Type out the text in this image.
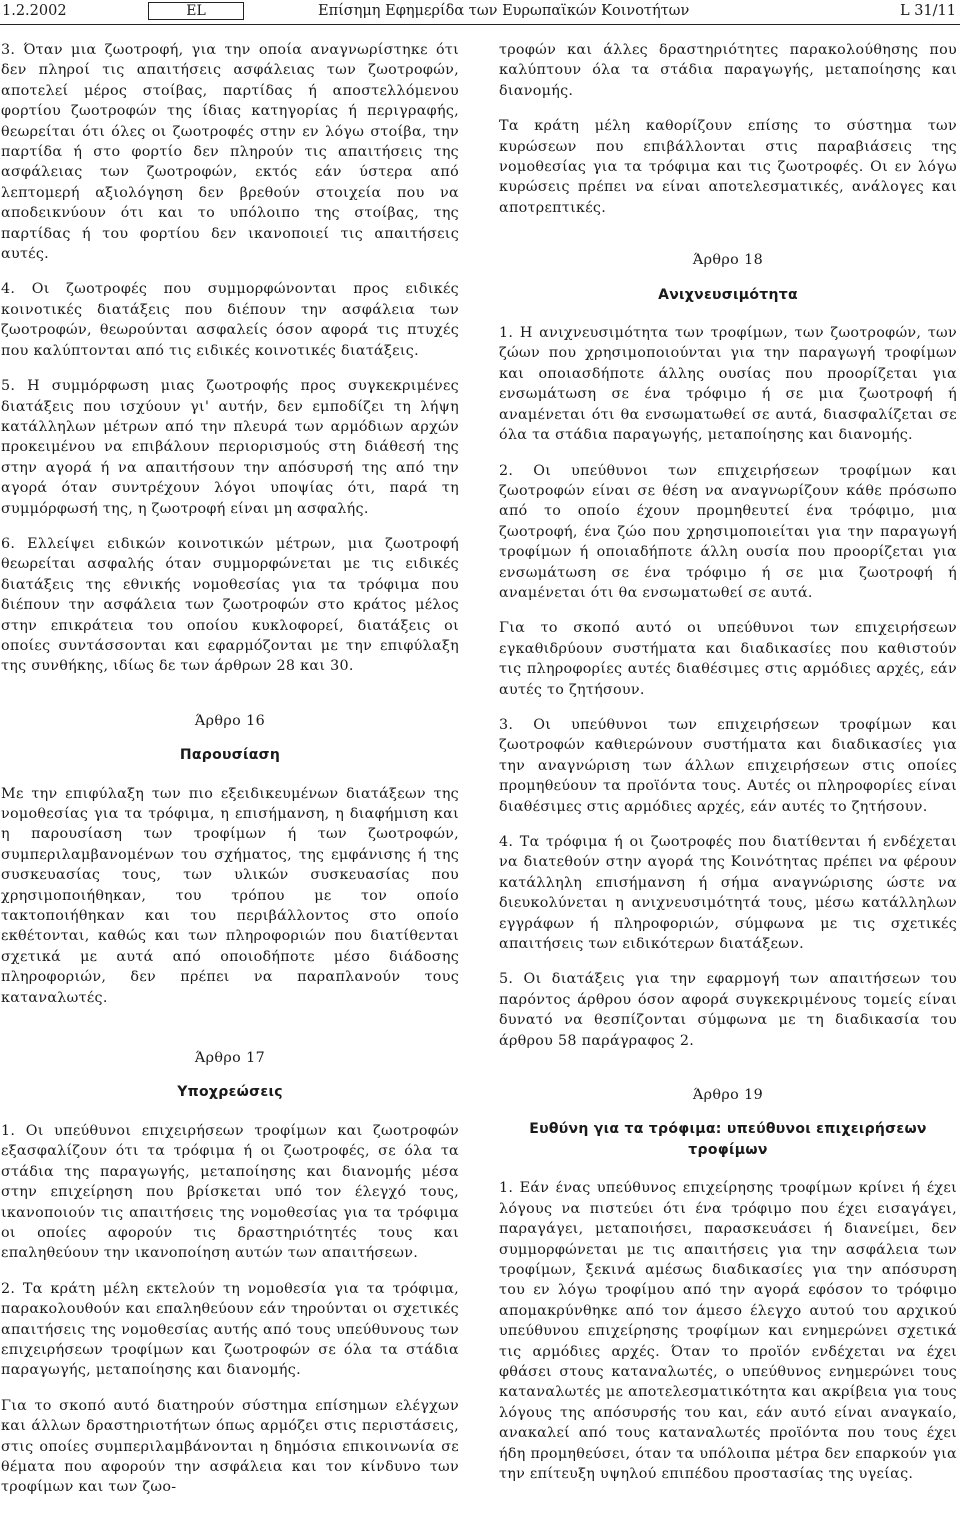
1.2.2002	EL	Επίσημη Εφημερίδα των Ευρωπαϊκών Κοινοτήτων	L 31/11

3. Όταν μια ζωοτροφή, για την οποία αναγνωρίστηκε ότι δεν πληροί τις απαιτήσεις ασφάλειας των ζωοτροφών, αποτελεί μέρος στοίβας, παρτίδας ή αποστελλόμενου φορτίου ζωοτροφών της ίδιας κατηγορίας ή περιγραφής, θεωρείται ότι όλες οι ζωοτροφές στην εν λόγω στοίβα, την παρτίδα ή στο φορτίο δεν πληρούν τις απαιτήσεις της ασφάλειας των ζωοτροφών, εκτός εάν ύστερα από λεπτομερή αξιολόγηση δεν βρεθούν στοιχεία που να αποδεικνύουν ότι και το υπόλοιπο της στοίβας, της παρτίδας ή του φορτίου δεν ικανοποιεί τις απαιτήσεις αυτές.

4. Οι ζωοτροφές που συμμορφώνονται προς ειδικές κοινοτικές διατάξεις που διέπουν την ασφάλεια των ζωοτροφών, θεωρούνται ασφαλείς όσον αφορά τις πτυχές που καλύπτονται από τις ειδικές κοινοτικές διατάξεις.

5. Η συμμόρφωση μιας ζωοτροφής προς συγκεκριμένες διατάξεις που ισχύουν γι' αυτήν, δεν εμποδίζει τη λήψη κατάλληλων μέτρων από την πλευρά των αρμόδιων αρχών προκειμένου να επιβάλουν περιορισμούς στη διάθεσή της στην αγορά ή να απαιτήσουν την απόσυρσή της από την αγορά όταν συντρέχουν λόγοι υποψίας ότι, παρά τη συμμόρφωσή της, η ζωοτροφή είναι μη ασφαλής.

6. Ελλείψει ειδικών κοινοτικών μέτρων, μια ζωοτροφή θεωρείται ασφαλής όταν συμμορφώνεται με τις ειδικές διατάξεις της εθνικής νομοθεσίας για τα τρόφιμα που διέπουν την ασφάλεια των ζωοτροφών στο κράτος μέλος στην επικράτεια του οποίου κυκλοφορεί, διατάξεις οι οποίες συντάσσονται και εφαρμόζονται με την επιφύλαξη της συνθήκης, ιδίως δε των άρθρων 28 και 30.

Άρθρο 16
Παρουσίαση

Με την επιφύλαξη των πιο εξειδικευμένων διατάξεων της νομοθεσίας για τα τρόφιμα, η επισήμανση, η διαφήμιση και η παρουσίαση των τροφίμων ή των ζωοτροφών, συμπεριλαμβανομένων του σχήματος, της εμφάνισης ή της συσκευασίας τους, των υλικών συσκευασίας που χρησιμοποιήθηκαν, του τρόπου με τον οποίο τακτοποιήθηκαν και του περιβάλλοντος στο οποίο εκθέτονται, καθώς και των πληροφοριών που διατίθενται σχετικά με αυτά από οποιοδήποτε μέσο διάδοσης πληροφοριών, δεν πρέπει να παραπλανούν τους καταναλωτές.

Άρθρο 17
Υποχρεώσεις

1. Οι υπεύθυνοι επιχειρήσεων τροφίμων και ζωοτροφών εξασφαλίζουν ότι τα τρόφιμα ή οι ζωοτροφές, σε όλα τα στάδια της παραγωγής, μεταποίησης και διανομής μέσα στην επιχείρηση που βρίσκεται υπό τον έλεγχό τους, ικανοποιούν τις απαιτήσεις της νομοθεσίας για τα τρόφιμα οι οποίες αφορούν τις δραστηριότητές τους και επαληθεύουν την ικανοποίηση αυτών των απαιτήσεων.

2. Τα κράτη μέλη εκτελούν τη νομοθεσία για τα τρόφιμα, παρακολουθούν και επαληθεύουν εάν τηρούνται οι σχετικές απαιτήσεις της νομοθεσίας αυτής από τους υπεύθυνους των επιχειρήσεων τροφίμων και ζωοτροφών σε όλα τα στάδια παραγωγής, μεταποίησης και διανομής.

Για το σκοπό αυτό διατηρούν σύστημα επίσημων ελέγχων και άλλων δραστηριοτήτων όπως αρμόζει στις περιστάσεις, στις οποίες συμπεριλαμβάνονται η δημόσια επικοινωνία σε θέματα που αφορούν την ασφάλεια και τον κίνδυνο των τροφίμων και των ζωο-

τροφών και άλλες δραστηριότητες παρακολούθησης που καλύπτουν όλα τα στάδια παραγωγής, μεταποίησης και διανομής.

Τα κράτη μέλη καθορίζουν επίσης το σύστημα των κυρώσεων που επιβάλλονται στις παραβιάσεις της νομοθεσίας για τα τρόφιμα και τις ζωοτροφές. Οι εν λόγω κυρώσεις πρέπει να είναι αποτελεσματικές, ανάλογες και αποτρεπτικές.

Άρθρο 18
Ανιχνευσιμότητα

1. Η ανιχνευσιμότητα των τροφίμων, των ζωοτροφών, των ζώων που χρησιμοποιούνται για την παραγωγή τροφίμων και οποιασδήποτε άλλης ουσίας που προορίζεται για ενσωμάτωση σε ένα τρόφιμο ή σε μια ζωοτροφή ή αναμένεται ότι θα ενσωματωθεί σε αυτά, διασφαλίζεται σε όλα τα στάδια παραγωγής, μεταποίησης και διανομής.

2. Οι υπεύθυνοι των επιχειρήσεων τροφίμων και ζωοτροφών είναι σε θέση να αναγνωρίζουν κάθε πρόσωπο από το οποίο έχουν προμηθευτεί ένα τρόφιμο, μια ζωοτροφή, ένα ζώο που χρησιμοποιείται για την παραγωγή τροφίμων ή οποιαδήποτε άλλη ουσία που προορίζεται για ενσωμάτωση σε ένα τρόφιμο ή σε μια ζωοτροφή ή αναμένεται ότι θα ενσωματωθεί σε αυτά.

Για το σκοπό αυτό οι υπεύθυνοι των επιχειρήσεων εγκαθιδρύουν συστήματα και διαδικασίες που καθιστούν τις πληροφορίες αυτές διαθέσιμες στις αρμόδιες αρχές, εάν αυτές το ζητήσουν.

3. Οι υπεύθυνοι των επιχειρήσεων τροφίμων και ζωοτροφών καθιερώνουν συστήματα και διαδικασίες για την αναγνώριση των άλλων επιχειρήσεων στις οποίες προμηθεύουν τα προϊόντα τους. Αυτές οι πληροφορίες είναι διαθέσιμες στις αρμόδιες αρχές, εάν αυτές το ζητήσουν.

4. Τα τρόφιμα ή οι ζωοτροφές που διατίθενται ή ενδέχεται να διατεθούν στην αγορά της Κοινότητας πρέπει να φέρουν κατάλληλη επισήμανση ή σήμα αναγνώρισης ώστε να διευκολύνεται η ανιχνευσιμότητά τους, μέσω κατάλληλων εγγράφων ή πληροφοριών, σύμφωνα με τις σχετικές απαιτήσεις των ειδικότερων διατάξεων.

5. Οι διατάξεις για την εφαρμογή των απαιτήσεων του παρόντος άρθρου όσον αφορά συγκεκριμένους τομείς είναι δυνατό να θεσπίζονται σύμφωνα με τη διαδικασία του άρθρου 58 παράγραφος 2.

Άρθρο 19
Ευθύνη για τα τρόφιμα: υπεύθυνοι επιχειρήσεων τροφίμων

1. Εάν ένας υπεύθυνος επιχείρησης τροφίμων κρίνει ή έχει λόγους να πιστεύει ότι ένα τρόφιμο που έχει εισαγάγει, παραγάγει, μεταποιήσει, παρασκευάσει ή διανείμει, δεν συμμορφώνεται με τις απαιτήσεις για την ασφάλεια των τροφίμων, ξεκινά αμέσως διαδικασίες για την απόσυρση του εν λόγω τροφίμου από την αγορά εφόσον το τρόφιμο απομακρύνθηκε από τον άμεσο έλεγχο αυτού του αρχικού υπεύθυνου επιχείρησης τροφίμων και ενημερώνει σχετικά τις αρμόδιες αρχές. Όταν το προϊόν ενδέχεται να έχει φθάσει στους καταναλωτές, ο υπεύθυνος ενημερώνει τους καταναλωτές με αποτελεσματικότητα και ακρίβεια για τους λόγους της απόσυρσής του και, εάν αυτό είναι αναγκαίο, ανακαλεί από τους καταναλωτές προϊόντα που τους έχει ήδη προμηθεύσει, όταν τα υπόλοιπα μέτρα δεν επαρκούν για την επίτευξη υψηλού επιπέδου προστασίας της υγείας.
